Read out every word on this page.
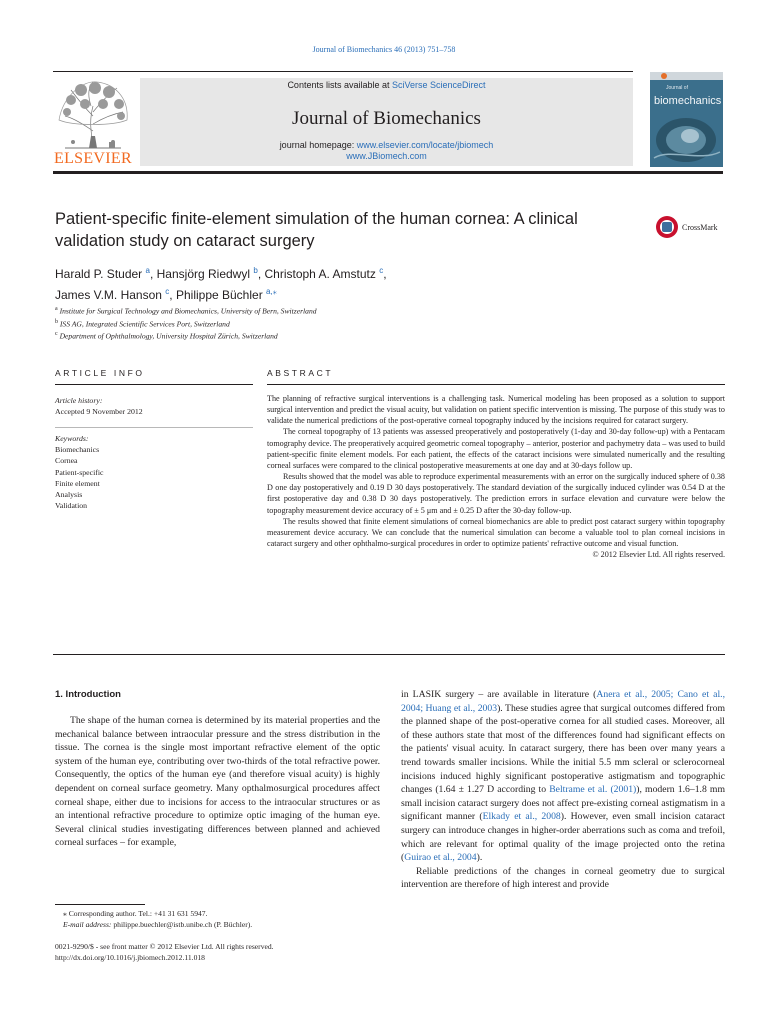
Journal of Biomechanics 46 (2013) 751–758
ELSEVIER
Contents lists available at SciVerse ScienceDirect
Journal of Biomechanics
journal homepage: www.elsevier.com/locate/jbiomech
www.JBiomech.com
Journal of
biomechanics
Patient-specific finite-element simulation of the human cornea: A clinical validation study on cataract surgery
CrossMark
Harald P. Studer $^a$, Hansjörg Riedwyl $^b$, Christoph A. Amstutz $^c$,
James V.M. Hanson $^c$, Philippe Büchler $^{a,⁎}$
$^a$ Institute for Surgical Technology and Biomechanics, University of Bern, Switzerland
$^b$ ISS AG, Integrated Scientific Services Port, Switzerland
$^c$ Department of Ophthalmology, University Hospital Zürich, Switzerland
ARTICLE INFO
Article history:
Accepted 9 November 2012
Keywords:
Biomechanics
Cornea
Patient-specific
Finite element
Analysis
Validation
ABSTRACT

The planning of refractive surgical interventions is a challenging task. Numerical modeling has been proposed as a solution to support surgical intervention and predict the visual acuity, but validation on patient specific intervention is missing. The purpose of this study was to validate the numerical predictions of the post-operative corneal topography induced by the incisions required for cataract surgery.

The corneal topography of 13 patients was assessed preoperatively and postoperatively (1-day and 30-day follow-up) with a Pentacam tomography device. The preoperatively acquired geometric corneal topography – anterior, posterior and pachymetry data – was used to build patient-specific finite element models. For each patient, the effects of the cataract incisions were simulated numerically and the resulting corneal surfaces were compared to the clinical postoperative measurements at one day and at 30-days follow up.

Results showed that the model was able to reproduce experimental measurements with an error on the surgically induced sphere of 0.38 D one day postoperatively and 0.19 D 30 days postoperatively. The standard deviation of the surgically induced cylinder was 0.54 D at the first postoperative day and 0.38 D 30 days postoperatively. The prediction errors in surface elevation and curvature were below the topography measurement device accuracy of ± 5 μm and ± 0.25 D after the 30-day follow-up.

The results showed that finite element simulations of corneal biomechanics are able to predict post cataract surgery within topography measurement device accuracy. We can conclude that the numerical simulation can become a valuable tool to plan corneal incisions in cataract surgery and other ophthalmo-surgical procedures in order to optimize patients' refractive outcome and visual function.

© 2012 Elsevier Ltd. All rights reserved.
1. Introduction

The shape of the human cornea is determined by its material properties and the mechanical balance between intraocular pressure and the stress distribution in the tissue. The cornea is the single most important refractive element of the optic system of the human eye, contributing over two-thirds of the total refractive power. Consequently, the optics of the human eye (and therefore visual acuity) is highly dependent on corneal surface geometry. Many opthalmosurgical procedures affect corneal shape, either due to incisions for access to the intraocular structures or as an intentional refractive procedure to optimize optic imaging of the human eye. Several clinical studies investigating differences between planned and achieved corneal surfaces – for example,

in LASIK surgery – are available in literature (Anera et al., 2005; Cano et al., 2004; Huang et al., 2003). These studies agree that surgical outcomes differed from the planned shape of the post-operative cornea for all studied cases. Moreover, all of these authors state that most of the differences found had significant effects on the patients' visual acuity. In cataract surgery, there has been over many years a trend towards smaller incisions. While the initial 5.5 mm scleral or sclerocorneal incisions induced highly significant postoperative astigmatism and topographic changes (1.64 ± 1.27 D according to Beltrame et al. (2001)), modern 1.6–1.8 mm small incision cataract surgery does not affect pre-existing corneal astigmatism in a significant manner (Elkady et al., 2008). However, even small incision cataract surgery can introduce changes in higher-order aberrations such as coma and trefoil, which are relevant for optimal quality of the image projected onto the retina (Guirao et al., 2004).

Reliable predictions of the changes in corneal geometry due to surgical intervention are therefore of high interest and provide

⁎ Corresponding author. Tel.: +41 31 631 5947.
E-mail address: philippe.buechler@istb.unibe.ch (P. Büchler).
0021-9290/$ - see front matter © 2012 Elsevier Ltd. All rights reserved.
http://dx.doi.org/10.1016/j.jbiomech.2012.11.018
